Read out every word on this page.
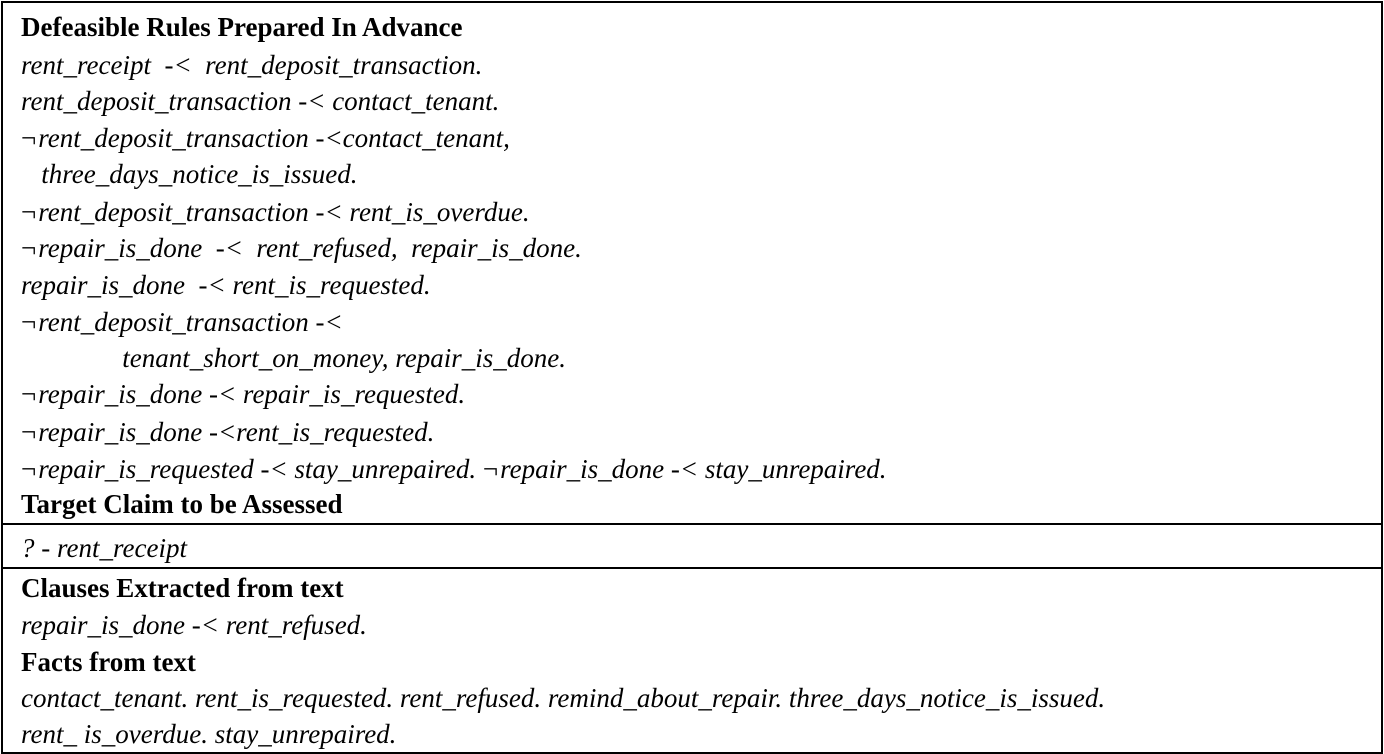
Defeasible Rules Prepared In Advance
rent_receipt  -<  rent_deposit_transaction.
rent_deposit_transaction -< contact_tenant.
¬rent_deposit_transaction -<contact_tenant,
three_days_notice_is_issued.
¬rent_deposit_transaction -< rent_is_overdue.
¬repair_is_done  -<  rent_refused,  repair_is_done.
repair_is_done  -< rent_is_requested.
¬rent_deposit_transaction -<
tenant_short_on_money, repair_is_done.
¬repair_is_done -< repair_is_requested.
¬repair_is_done -<rent_is_requested.
¬repair_is_requested -< stay_unrepaired. ¬repair_is_done -< stay_unrepaired.
Target Claim to be Assessed
? - rent_receipt
Clauses Extracted from text
repair_is_done -< rent_refused.
Facts from text
contact_tenant. rent_is_requested. rent_refused. remind_about_repair. three_days_notice_is_issued.
rent_ is_overdue. stay_unrepaired.
